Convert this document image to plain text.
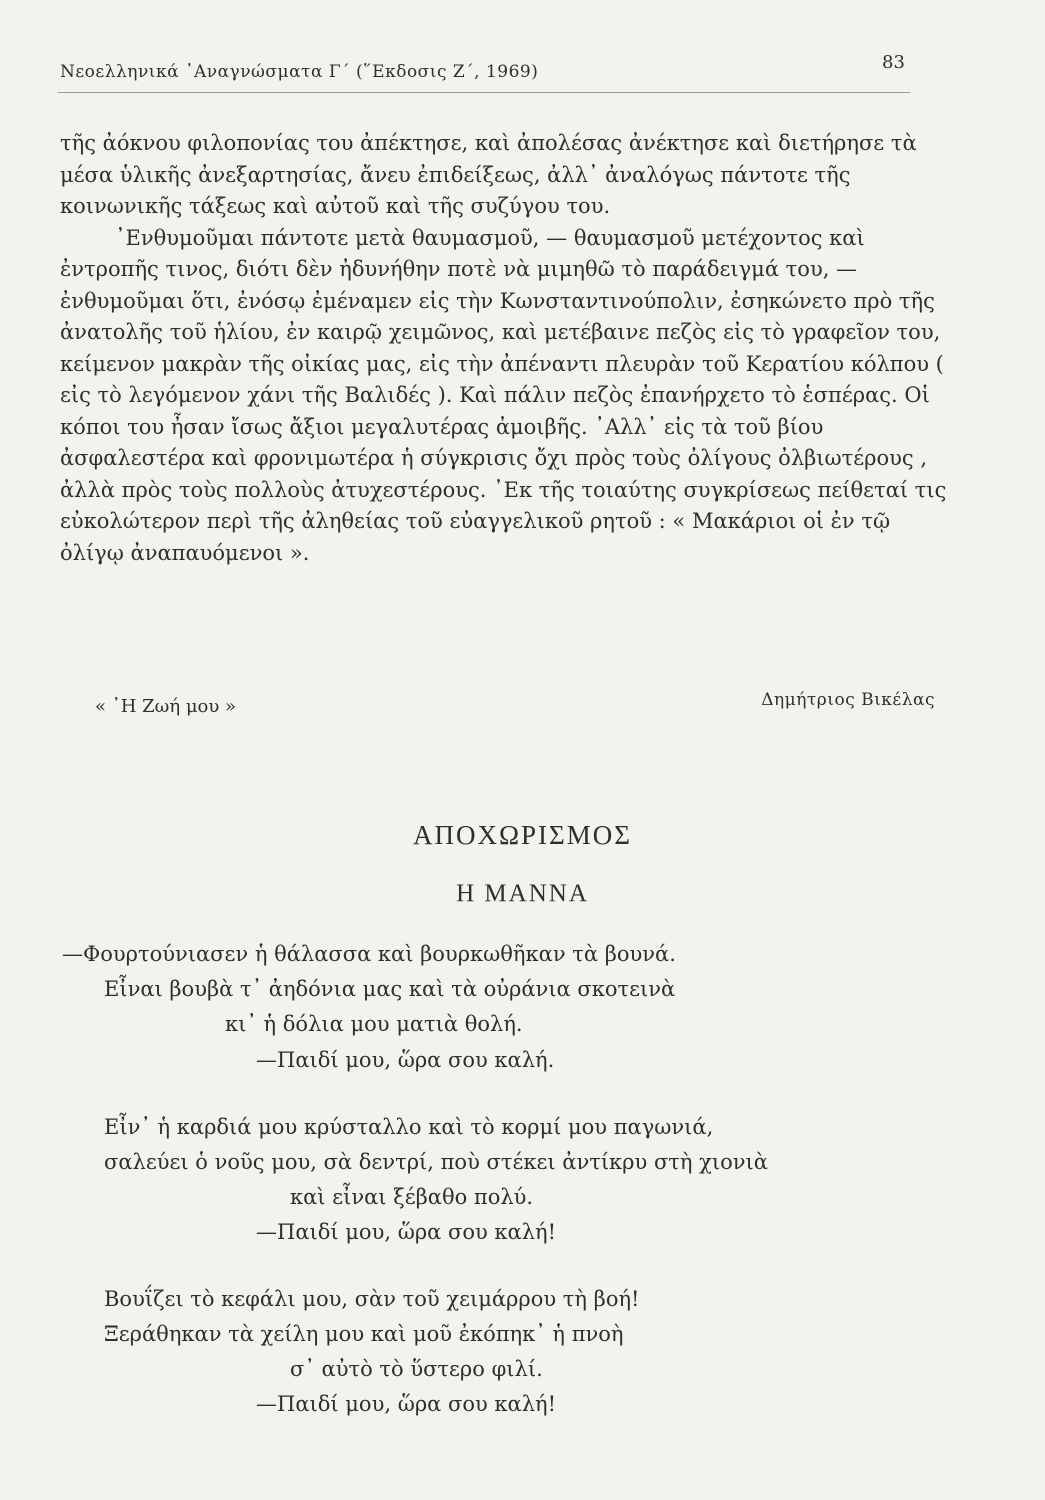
Νεοελληνικά ᾽Αναγνώσματα Γ΄ (῞Εκδοσις Ζ΄, 1969)	83

τῆς ἀόκνου φιλοπονίας του ἀπέκτησε, καὶ ἀπολέσας ἀνέκτησε καὶ διετήρησε τὰ μέσα ὑλικῆς ἀνεξαρτησίας, ἄνευ ἐπιδείξεως, ἀλλ᾽ ἀναλόγως πάντοτε τῆς κοινωνικῆς τάξεως καὶ αὐτοῦ καὶ τῆς συζύγου του.

᾽Ενθυμοῦμαι πάντοτε μετὰ θαυμασμοῦ, — θαυμασμοῦ μετέχοντος καὶ ἐντροπῆς τινος, διότι δὲν ἠδυνήθην ποτὲ νὰ μιμηθῶ τὸ παράδειγμά του, — ἐνθυμοῦμαι ὅτι, ἐνόσῳ ἐμέναμεν εἰς τὴν Κωνσταντινούπολιν, ἐσηκώνετο πρὸ τῆς ἀνατολῆς τοῦ ἡλίου, ἐν καιρῷ χειμῶνος, καὶ μετέβαινε πεζὸς εἰς τὸ γραφεῖον του, κείμενον μακρὰν τῆς οἰκίας μας, εἰς τὴν ἀπέναντι πλευρὰν τοῦ Κερατίου κόλπου ( εἰς τὸ λεγόμενον χάνι τῆς Βαλιδές ). Καὶ πάλιν πεζὸς ἐπανήρχετο τὸ ἑσπέρας. Οἱ κόποι του ἦσαν ἴσως ἄξιοι μεγαλυτέρας ἀμοιβῆς. ᾽Αλλ᾽ εἰς τὰ τοῦ βίου ἀσφαλεστέρα καὶ φρονιμωτέρα ἡ σύγκρισις ὄχι πρὸς τοὺς ὀλίγους ὀλβιωτέρους , ἀλλὰ πρὸς τοὺς πολλοὺς ἀτυχεστέρους. ᾽Εκ τῆς τοιαύτης συγκρίσεως πείθεταί τις εὐκολώτερον περὶ τῆς ἀληθείας τοῦ εὐαγγελικοῦ ρητοῦ : « Μακάριοι οἱ ἐν τῷ ὀλίγῳ ἀναπαυόμενοι ».

« ῾Η Ζωή μου »	Δημήτριος Βικέλας
ΑΠΟΧΩΡΙΣΜΟΣ
Η ΜΑΝΝΑ
—Φουρτούνιασεν ἡ θάλασσα καὶ βουρκωθῆκαν τὰ βουνά.
Εἶναι βουβὰ τ᾽ ἀηδόνια μας καὶ τὰ οὐράνια σκοτεινὰ
κι᾽ ἡ δόλια μου ματιὰ θολή.
—Παιδί μου, ὥρα σου καλή.
Εἶν᾽ ἡ καρδιά μου κρύσταλλο καὶ τὸ κορμί μου παγωνιά,
σαλεύει ὁ νοῦς μου, σὰ δεντρί, ποὺ στέκει ἀντίκρυ στὴ χιονιὰ
καὶ εἶναι ξέβαθο πολύ.
—Παιδί μου, ὥρα σου καλή!
Βουΐζει τὸ κεφάλι μου, σὰν τοῦ χειμάρρου τὴ βοή!
Ξεράθηκαν τὰ χείλη μου καὶ μοῦ ἐκόπηκ᾽ ἡ πνοὴ
σ᾽ αὐτὸ τὸ ὕστερο φιλί.
—Παιδί μου, ὥρα σου καλή!
